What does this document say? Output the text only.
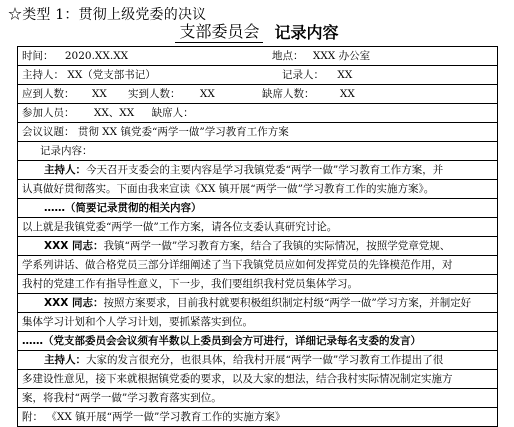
☆类型 1：贯彻上级党委的决议
支部委员会 记录内容
时间： 2020.XX.XX	地点： XXX 办公室
主持人： XX（党支部书记）	记录人： XX
应到人数： XX 实到人数： XX	缺席人数： XX
参加人员： XX、XX 缺席人：
会议议题： 贯彻 XX 镇党委“两学一做”学习教育工作方案
记录内容：
主持人：今天召开支委会的主要内容是学习我镇党委“两学一做”学习教育工作方案，并
认真做好贯彻落实。下面由我来宣读《XX 镇开展“两学一做”学习教育工作的实施方案》。
……（简要记录贯彻的相关内容）
以上就是我镇党委“两学一做”工作方案，请各位支委认真研究讨论。
XXX 同志：我镇“两学一做”学习教育方案，结合了我镇的实际情况，按照学党章党规、
学系列讲话、做合格党员三部分详细阐述了当下我镇党员应如何发挥党员的先锋模范作用，对
我村的党建工作有指导性意义，下一步，我们要组织我村党员集体学习。
XXX 同志：按照方案要求，目前我村就要积极组织制定村级“两学一做”学习方案，并制定好
集体学习计划和个人学习计划，要抓紧落实到位。
……（党支部委员会会议须有半数以上委员到会方可进行，详细记录每名支委的发言）
主持人：大家的发言很充分，也很具体，给我村开展“两学一做”学习教育工作提出了很
多建设性意见，接下来就根据镇党委的要求，以及大家的想法，结合我村实际情况制定实施方
案，将我村“两学一做”学习教育落实到位。
附： 《XX 镇开展“两学一做”学习教育工作的实施方案》
